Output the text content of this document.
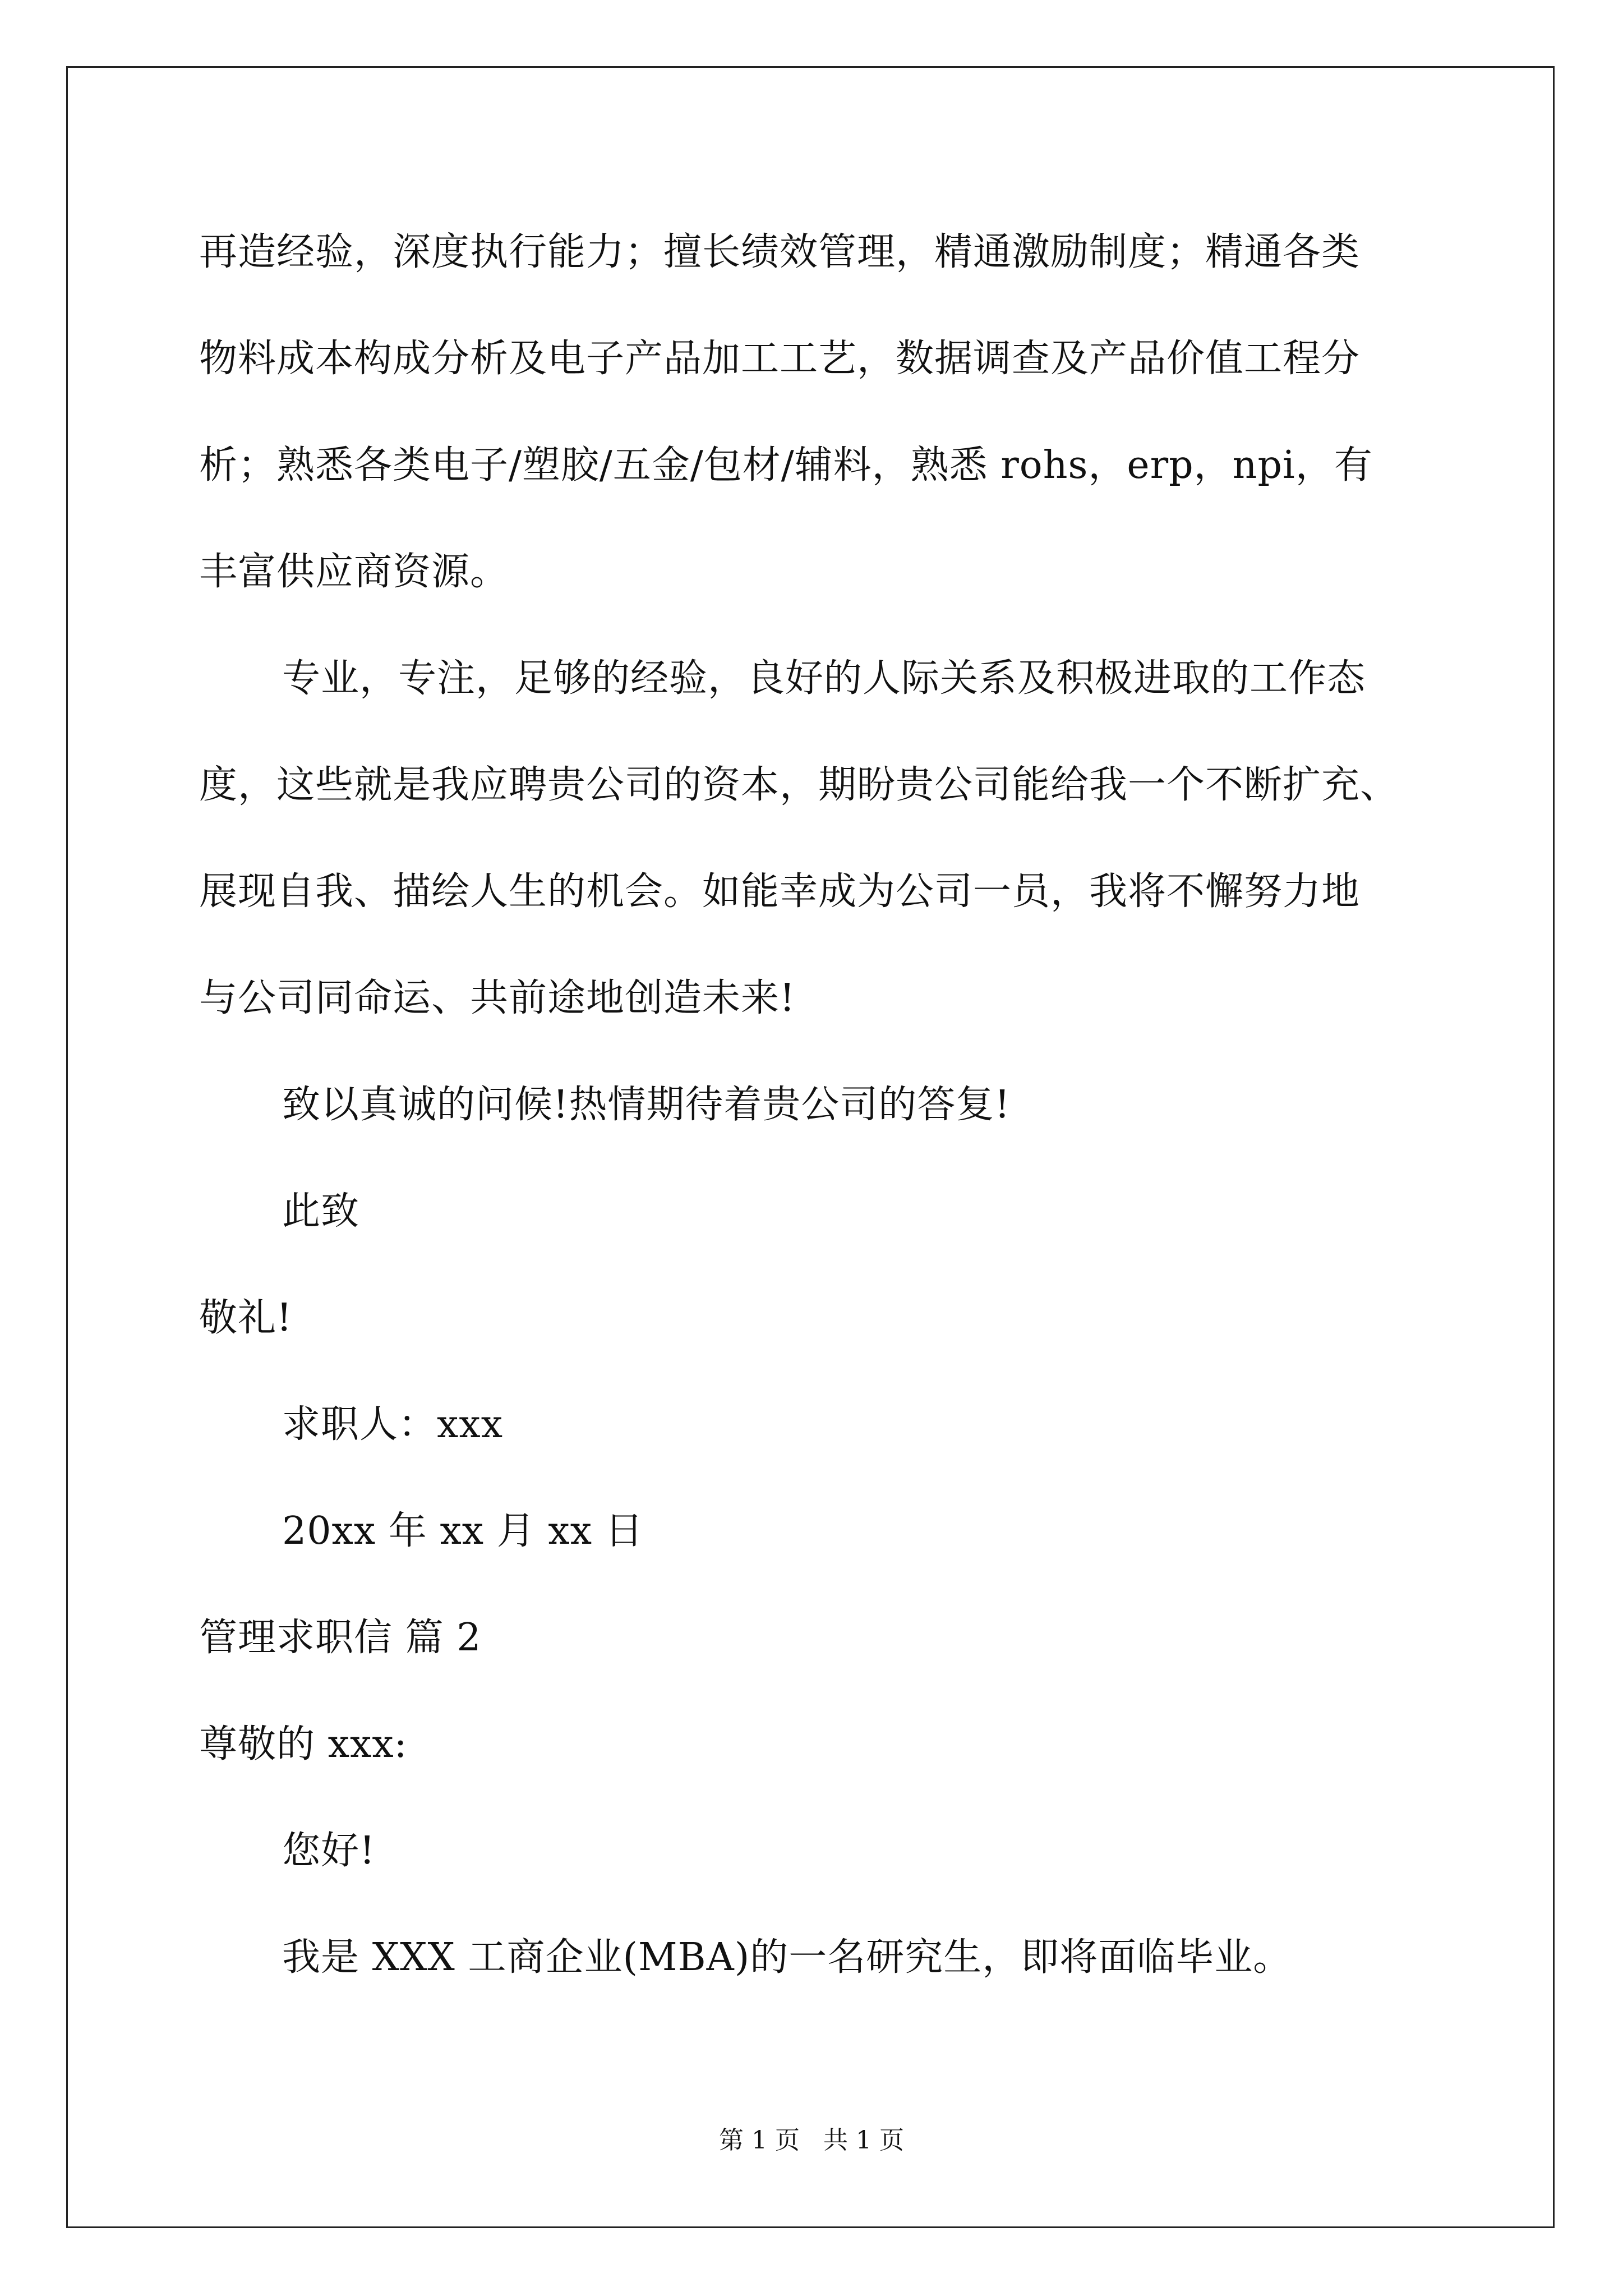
再造经验，深度执行能力；擅长绩效管理，精通激励制度；精通各类
物料成本构成分析及电子产品加工工艺，数据调查及产品价值工程分
析；熟悉各类电子/塑胶/五金/包材/辅料，熟悉 rohs，erp，npi，有
丰富供应商资源。
专业，专注，足够的经验，良好的人际关系及积极进取的工作态
度，这些就是我应聘贵公司的资本，期盼贵公司能给我一个不断扩充、
展现自我、描绘人生的机会。如能幸成为公司一员，我将不懈努力地
与公司同命运、共前途地创造未来!
致以真诚的问候!热情期待着贵公司的答复!
此致
敬礼!
求职人：xxx
20xx 年 xx 月 xx 日
管理求职信 篇 2
尊敬的 xxx:
您好!
我是 XXX 工商企业(MBA)的一名研究生，即将面临毕业。
第 1 页   共 1 页
